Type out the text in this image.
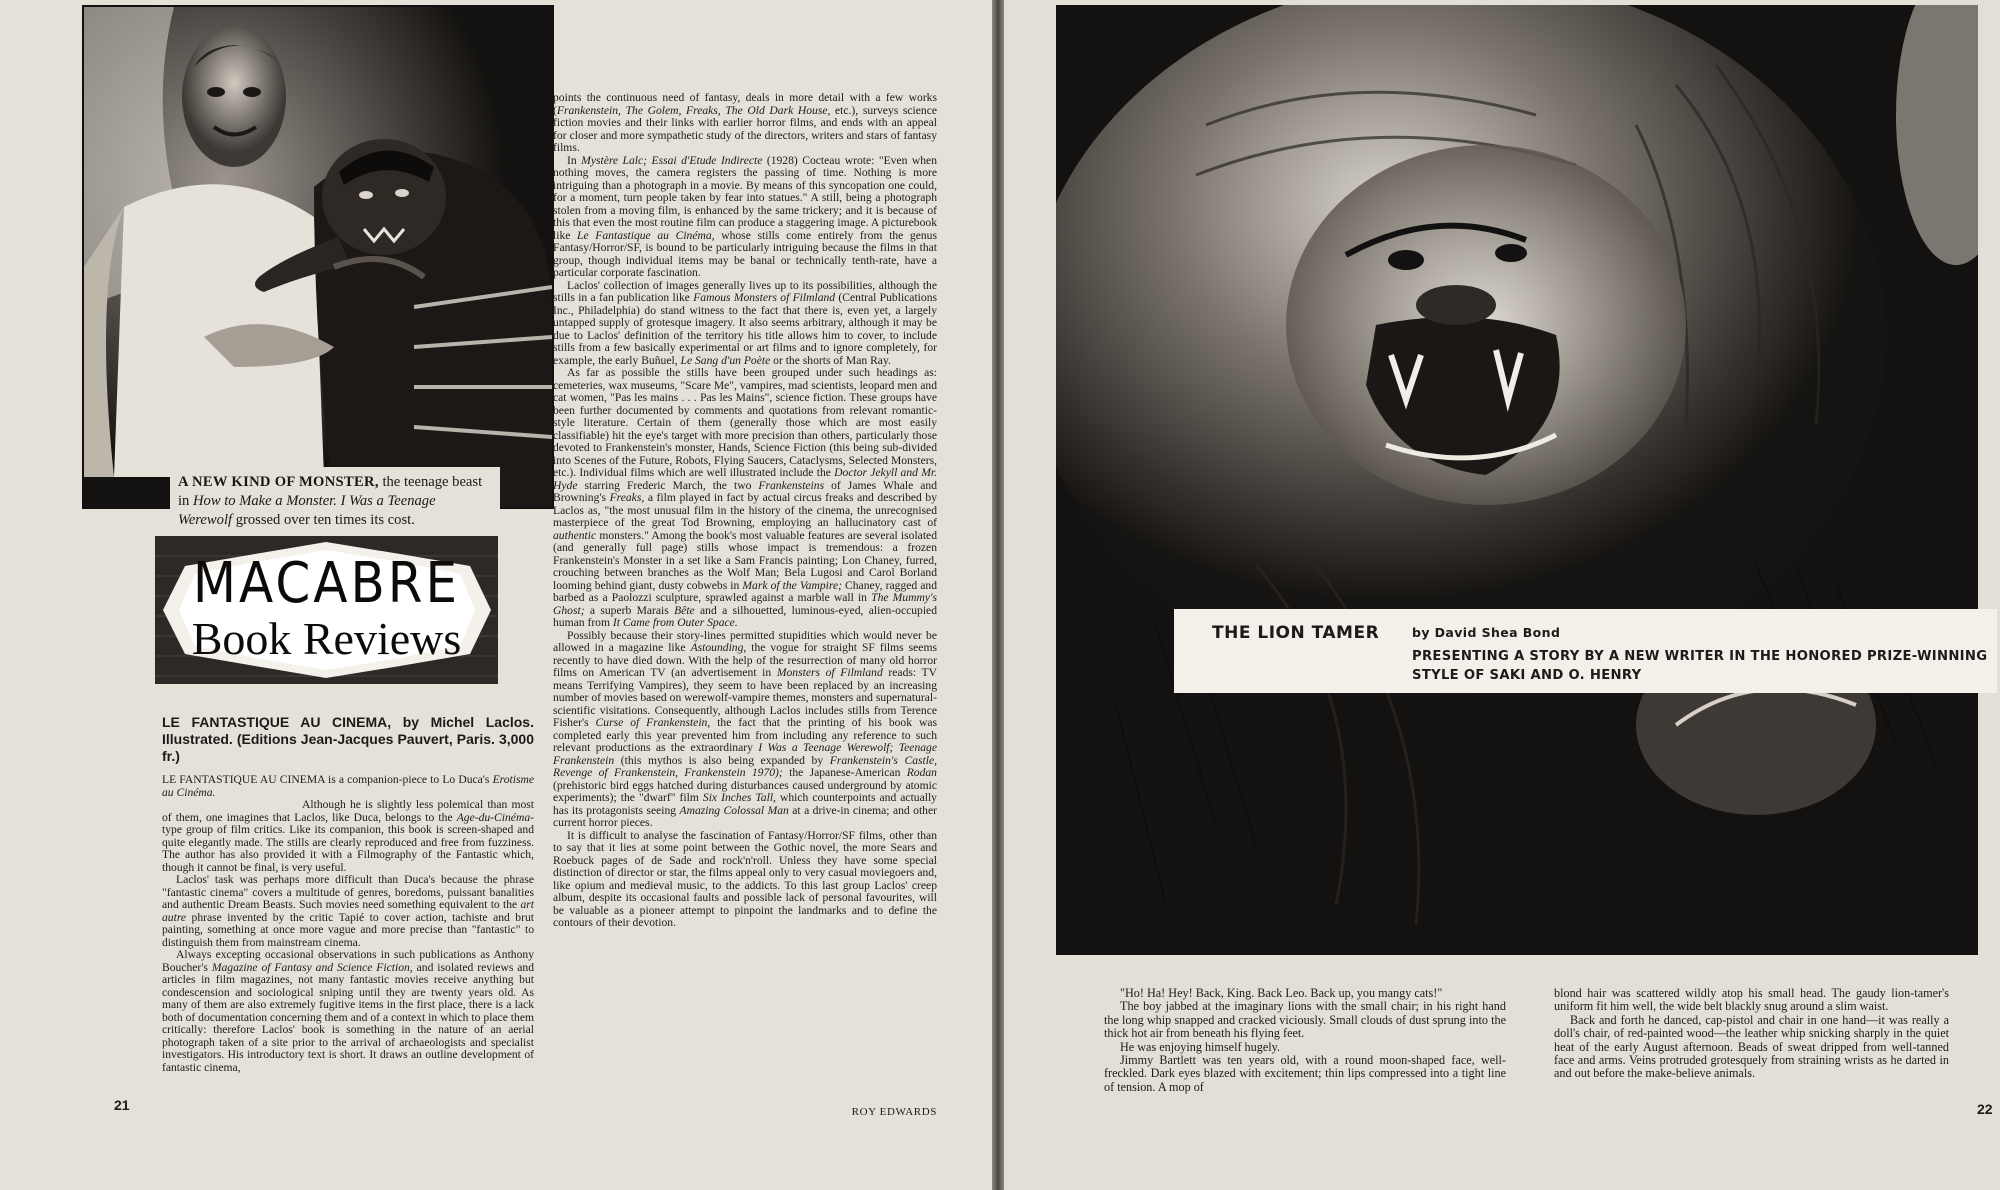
A NEW KIND OF MONSTER, the teenage beast in How to Make a Monster. I Was a Teenage Werewolf grossed over ten times its cost.
MACABRE
Book Reviews
LE FANTASTIQUE AU CINEMA, by Michel Laclos. Illustrated. (Editions Jean-Jacques Pauvert, Paris. 3,000 fr.)

LE FANTASTIQUE AU CINEMA is a companion-piece to Lo Duca's Erotisme au Cinéma.

Although he is slightly less polemical than most of them, one imagines that Laclos, like Duca, belongs to the Age-du-Cinéma-type group of film critics. Like its companion, this book is screen-shaped and quite elegantly made. The stills are clearly reproduced and free from fuzziness. The author has also provided it with a Filmography of the Fantastic which, though it cannot be final, is very useful.

Laclos' task was perhaps more difficult than Duca's because the phrase "fantastic cinema" covers a multitude of genres, boredoms, puissant banalities and authentic Dream Beasts. Such movies need something equivalent to the art autre phrase invented by the critic Tapié to cover action, tachiste and brut painting, something at once more vague and more precise than "fantastic" to distinguish them from mainstream cinema.

Always excepting occasional observations in such publications as Anthony Boucher's Magazine of Fantasy and Science Fiction, and isolated reviews and articles in film magazines, not many fantastic movies receive anything but condescension and sociological sniping until they are twenty years old. As many of them are also extremely fugitive items in the first place, there is a lack both of documentation concerning them and of a context in which to place them critically: therefore Laclos' book is something in the nature of an aerial photograph taken of a site prior to the arrival of archaeologists and specialist investigators. His introductory text is short. It draws an outline development of fantastic cinema,

points the continuous need of fantasy, deals in more detail with a few works (Frankenstein, The Golem, Freaks, The Old Dark House, etc.), surveys science fiction movies and their links with earlier horror films, and ends with an appeal for closer and more sympathetic study of the directors, writers and stars of fantasy films.

In Mystère Lalc; Essai d'Etude Indirecte (1928) Cocteau wrote: "Even when nothing moves, the camera registers the passing of time. Nothing is more intriguing than a photograph in a movie. By means of this syncopation one could, for a moment, turn people taken by fear into statues." A still, being a photograph stolen from a moving film, is enhanced by the same trickery; and it is because of this that even the most routine film can produce a staggering image. A picturebook like Le Fantastique au Cinéma, whose stills come entirely from the genus Fantasy/Horror/SF, is bound to be particularly intriguing because the films in that group, though individual items may be banal or technically tenth-rate, have a particular corporate fascination.

Laclos' collection of images generally lives up to its possibilities, although the stills in a fan publication like Famous Monsters of Filmland (Central Publications Inc., Philadelphia) do stand witness to the fact that there is, even yet, a largely untapped supply of grotesque imagery. It also seems arbitrary, although it may be due to Laclos' definition of the territory his title allows him to cover, to include stills from a few basically experimental or art films and to ignore completely, for example, the early Buñuel, Le Sang d'un Poète or the shorts of Man Ray.

As far as possible the stills have been grouped under such headings as: cemeteries, wax museums, "Scare Me", vampires, mad scientists, leopard men and cat women, "Pas les mains . . . Pas les Mains", science fiction. These groups have been further documented by comments and quotations from relevant romantic-style literature. Certain of them (generally those which are most easily classifiable) hit the eye's target with more precision than others, particularly those devoted to Frankenstein's monster, Hands, Science Fiction (this being sub-divided into Scenes of the Future, Robots, Flying Saucers, Cataclysms, Selected Monsters, etc.). Individual films which are well illustrated include the Doctor Jekyll and Mr. Hyde starring Frederic March, the two Frankensteins of James Whale and Browning's Freaks, a film played in fact by actual circus freaks and described by Laclos as, "the most unusual film in the history of the cinema, the unrecognised masterpiece of the great Tod Browning, employing an hallucinatory cast of authentic monsters." Among the book's most valuable features are several isolated (and generally full page) stills whose impact is tremendous: a frozen Frankenstein's Monster in a set like a Sam Francis painting; Lon Chaney, furred, crouching between branches as the Wolf Man; Bela Lugosi and Carol Borland looming behind giant, dusty cobwebs in Mark of the Vampire; Chaney, ragged and barbed as a Paolozzi sculpture, sprawled against a marble wall in The Mummy's Ghost; a superb Marais Bête and a silhouetted, luminous-eyed, alien-occupied human from It Came from Outer Space.

Possibly because their story-lines permitted stupidities which would never be allowed in a magazine like Astounding, the vogue for straight SF films seems recently to have died down. With the help of the resurrection of many old horror films on American TV (an advertisement in Monsters of Filmland reads: TV means Terrifying Vampires), they seem to have been replaced by an increasing number of movies based on werewolf-vampire themes, monsters and supernatural-scientific visitations. Consequently, although Laclos includes stills from Terence Fisher's Curse of Frankenstein, the fact that the printing of his book was completed early this year prevented him from including any reference to such relevant productions as the extraordinary I Was a Teenage Werewolf; Teenage Frankenstein (this mythos is also being expanded by Frankenstein's Castle, Revenge of Frankenstein, Frankenstein 1970); the Japanese-American Rodan (prehistoric bird eggs hatched during disturbances caused underground by atomic experiments); the "dwarf" film Six Inches Tall, which counterpoints and actually has its protagonists seeing Amazing Colossal Man at a drive-in cinema; and other current horror pieces.

It is difficult to analyse the fascination of Fantasy/Horror/SF films, other than to say that it lies at some point between the Gothic novel, the more Sears and Roebuck pages of de Sade and rock'n'roll. Unless they have some special distinction of director or star, the films appeal only to very casual moviegoers and, like opium and medieval music, to the addicts. To this last group Laclos' creep album, despite its occasional faults and possible lack of personal favourites, will be valuable as a pioneer attempt to pinpoint the landmarks and to define the contours of their devotion.

ROY EDWARDS
21
THE LION TAMER	by David Shea Bond
PRESENTING A STORY BY A NEW WRITER IN THE HONORED PRIZE-WINNING STYLE OF SAKI AND O. HENRY

"Ho! Ha! Hey! Back, King. Back Leo. Back up, you mangy cats!"

The boy jabbed at the imaginary lions with the small chair; in his right hand the long whip snapped and cracked viciously. Small clouds of dust sprung into the thick hot air from beneath his flying feet.

He was enjoying himself hugely.

Jimmy Bartlett was ten years old, with a round moon-shaped face, well-freckled. Dark eyes blazed with excitement; thin lips compressed into a tight line of tension. A mop of

blond hair was scattered wildly atop his small head. The gaudy lion-tamer's uniform fit him well, the wide belt blackly snug around a slim waist.

Back and forth he danced, cap-pistol and chair in one hand—it was really a doll's chair, of red-painted wood—the leather whip snicking sharply in the quiet heat of the early August afternoon. Beads of sweat dripped from well-tanned face and arms. Veins protruded grotesquely from straining wrists as he darted in and out before the make-believe animals.

22
